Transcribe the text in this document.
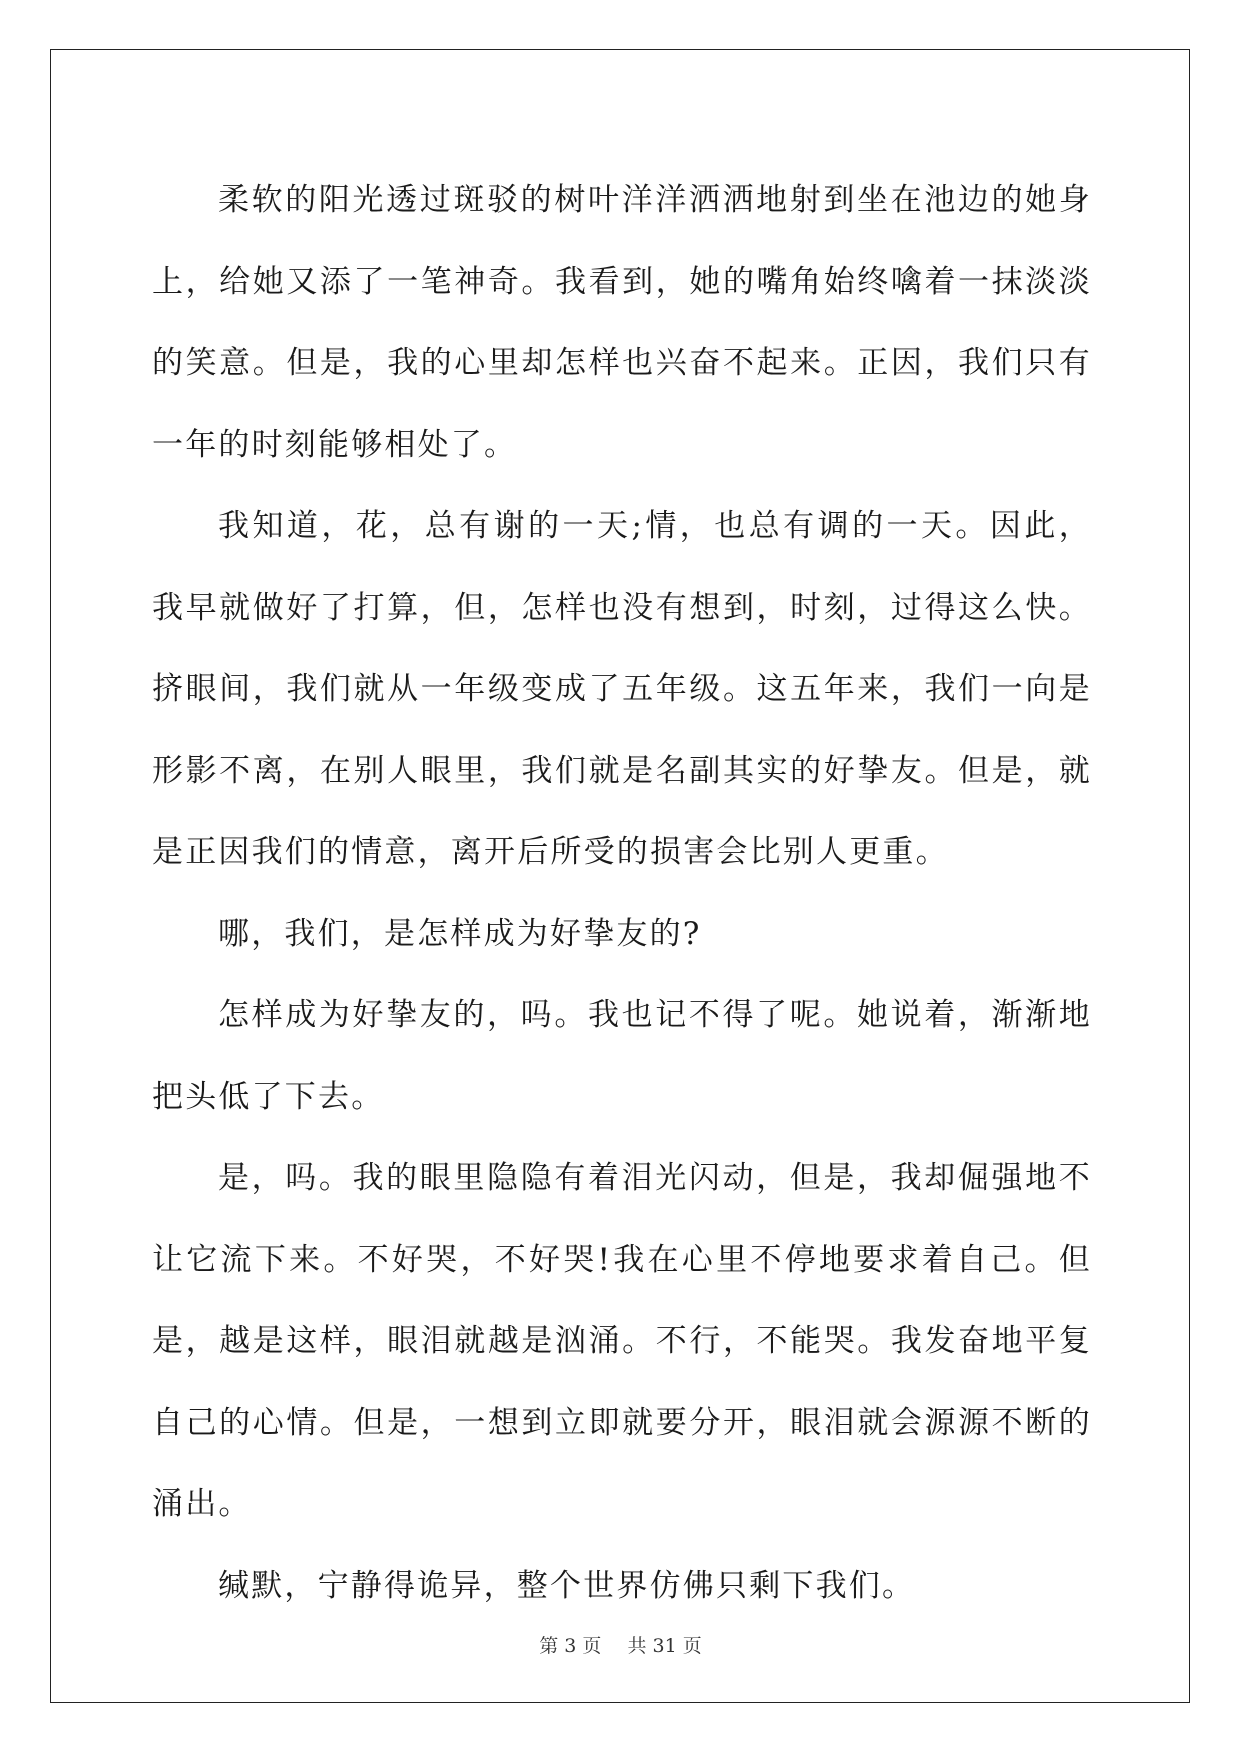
柔软的阳光透过斑驳的树叶洋洋洒洒地射到坐在池边的她身上，给她又添了一笔神奇。我看到，她的嘴角始终噙着一抹淡淡的笑意。但是，我的心里却怎样也兴奋不起来。正因，我们只有一年的时刻能够相处了。

我知道，花，总有谢的一天;情，也总有调的一天。因此，我早就做好了打算，但，怎样也没有想到，时刻，过得这么快。挤眼间，我们就从一年级变成了五年级。这五年来，我们一向是形影不离，在别人眼里，我们就是名副其实的好挚友。但是，就是正因我们的情意，离开后所受的损害会比别人更重。

哪，我们，是怎样成为好挚友的?

怎样成为好挚友的，吗。我也记不得了呢。她说着，渐渐地把头低了下去。

是，吗。我的眼里隐隐有着泪光闪动，但是，我却倔强地不让它流下来。不好哭，不好哭!我在心里不停地要求着自己。但是，越是这样，眼泪就越是汹涌。不行，不能哭。我发奋地平复自己的心情。但是，一想到立即就要分开，眼泪就会源源不断的涌出。

缄默，宁静得诡异，整个世界仿佛只剩下我们。

第 3 页 共 31 页
